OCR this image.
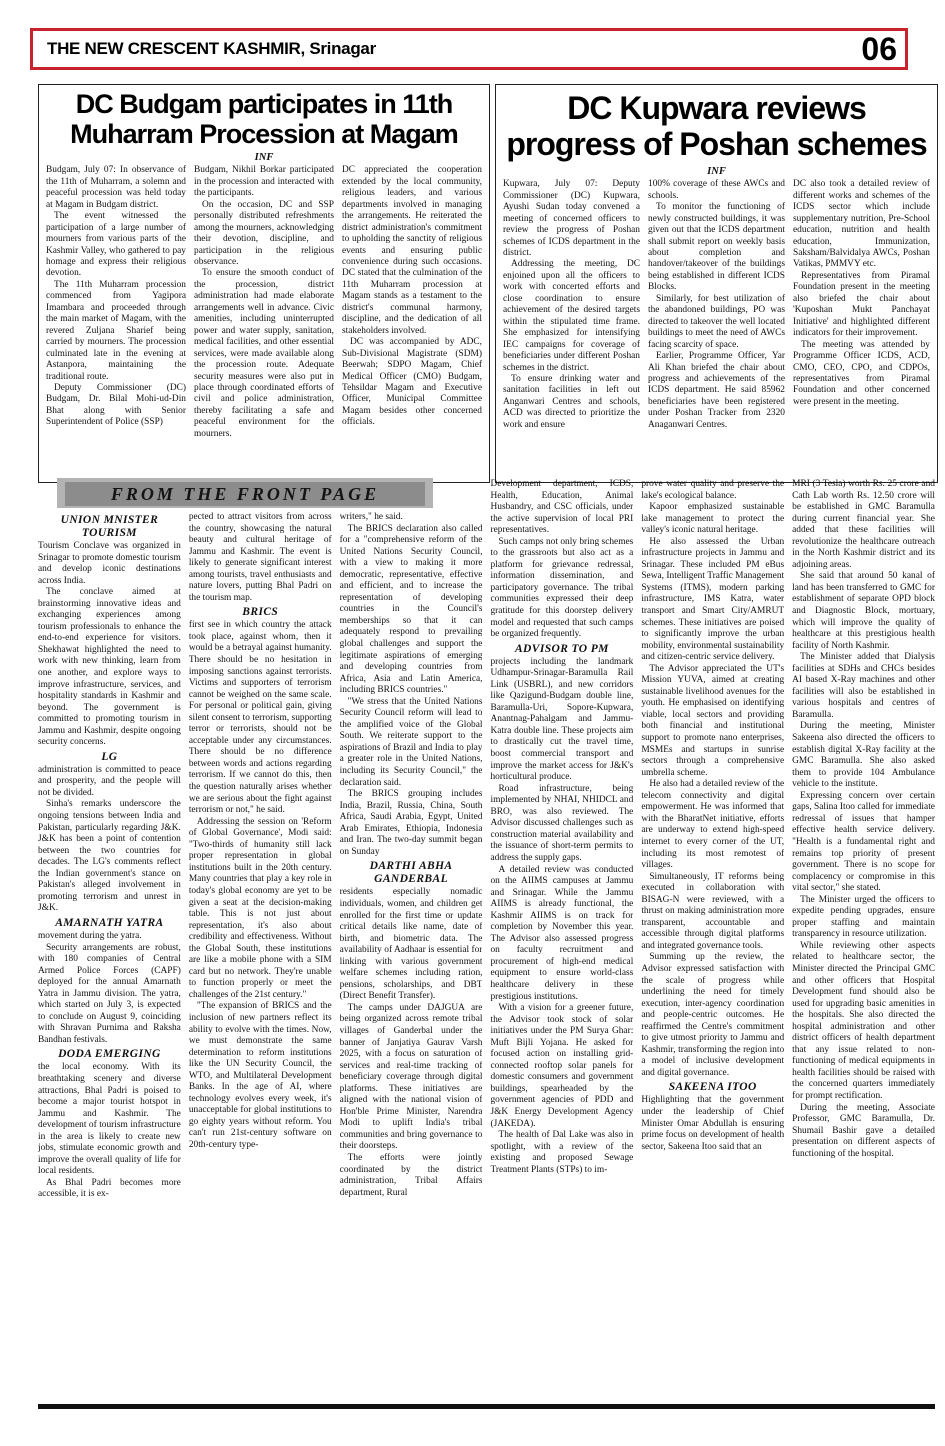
THE NEW CRESCENT KASHMIR, Srinagar	06
DC Budgam participates in 11th Muharram Procession at Magam
INF

Budgam, July 07: In observance of the 11th of Muharram, a solemn and peaceful procession was held today at Magam in Budgam district.

The event witnessed the participation of a large number of mourners from various parts of the Kashmir Valley, who gathered to pay homage and express their religious devotion.

The 11th Muharram procession commenced from Yagipora Imambara and proceeded through the main market of Magam, with the revered Zuljana Sharief being carried by mourners. The procession culminated late in the evening at Astanpora, maintaining the traditional route.

Deputy Commissioner (DC) Budgam, Dr. Bilal Mohi-ud-Din Bhat along with Senior Superintendent of Police (SSP)

Budgam, Nikhil Borkar participated in the procession and interacted with the participants.

On the occasion, DC and SSP personally distributed refreshments among the mourners, acknowledging their devotion, discipline, and participation in the religious observance.

To ensure the smooth conduct of the procession, district administration had made elaborate arrangements well in advance. Civic amenities, including uninterrupted power and water supply, sanitation, medical facilities, and other essential services, were made available along the procession route. Adequate security measures were also put in place through coordinated efforts of civil and police administration, thereby facilitating a safe and peaceful environment for the mourners.

DC appreciated the cooperation extended by the local community, religious leaders, and various departments involved in managing the arrangements. He reiterated the district administration's commitment to upholding the sanctity of religious events and ensuring public convenience during such occasions. DC stated that the culmination of the 11th Muharram procession at Magam stands as a testament to the district's communal harmony, discipline, and the dedication of all stakeholders involved.

DC was accompanied by ADC, Sub-Divisional Magistrate (SDM) Beerwah; SDPO Magam, Chief Medical Officer (CMO) Budgam, Tehsildar Magam and Executive Officer, Municipal Committee Magam besides other concerned officials.

DC Kupwara reviews progress of Poshan schemes
INF

Kupwara, July 07: Deputy Commissioner (DC) Kupwara, Ayushi Sudan today convened a meeting of concerned officers to review the progress of Poshan schemes of ICDS department in the district.

Addressing the meeting, DC enjoined upon all the officers to work with concerted efforts and close coordination to ensure achievement of the desired targets within the stipulated time frame. She emphasized for intensifying IEC campaigns for coverage of beneficiaries under different Poshan schemes in the district.

To ensure drinking water and sanitation facilities in left out Anganwari Centres and schools, ACD was directed to prioritize the work and ensure

100% coverage of these AWCs and schools.

To monitor the functioning of newly constructed buildings, it was given out that the ICDS department shall submit report on weekly basis about completion and handover/takeover of the buildings being established in different ICDS Blocks.

Similarly, for best utilization of the abandoned buildings, PO was directed to takeover the well located buildings to meet the need of AWCs facing scarcity of space.

Earlier, Programme Officer, Yar Ali Khan briefed the chair about progress and achievements of the ICDS department. He said 85962 beneficiaries have been registered under Poshan Tracker from 2320 Anaganwari Centres.

DC also took a detailed review of different works and schemes of the ICDS sector which include supplementary nutrition, Pre-School education, nutrition and health education, Immunization, Saksham/Balvidalya AWCs, Poshan Vatikas, PMMVY etc.

Representatives from Piramal Foundation present in the meeting also briefed the chair about 'Kuposhan Mukt Panchayat Initiative' and highlighted different indicators for their improvement.

The meeting was attended by Programme Officer ICDS, ACD, CMO, CEO, CPO, and CDPOs, representatives from Piramal Foundation and other concerned were present in the meeting.

FROM THE FRONT PAGE
UNION MNISTER TOURISM

Tourism Conclave was organized in Srinagar to promote domestic tourism and develop iconic destinations across India.

The conclave aimed at brainstorming innovative ideas and exchanging experiences among tourism professionals to enhance the end-to-end experience for visitors. Shekhawat highlighted the need to work with new thinking, learn from one another, and explore ways to improve infrastructure, services, and hospitality standards in Kashmir and beyond. The government is committed to promoting tourism in Jammu and Kashmir, despite ongoing security concerns.

LG

administration is committed to peace and prosperity, and the people will not be divided.

Sinha's remarks underscore the ongoing tensions between India and Pakistan, particularly regarding J&K. J&K has been a point of contention between the two countries for decades. The LG's comments reflect the Indian government's stance on Pakistan's alleged involvement in promoting terrorism and unrest in J&K.

AMARNATH YATRA

movement during the yatra.

Security arrangements are robust, with 180 companies of Central Armed Police Forces (CAPF) deployed for the annual Amarnath Yatra in Jammu division. The yatra, which started on July 3, is expected to conclude on August 9, coinciding with Shravan Purnima and Raksha Bandhan festivals.

DODA EMERGING

the local economy. With its breathtaking scenery and diverse attractions, Bhal Padri is poised to become a major tourist hotspot in Jammu and Kashmir. The development of tourism infrastructure in the area is likely to create new jobs, stimulate economic growth and improve the overall quality of life for local residents.

As Bhal Padri becomes more accessible, it is ex-

pected to attract visitors from across the country, showcasing the natural beauty and cultural heritage of Jammu and Kashmir. The event is likely to generate significant interest among tourists, travel enthusiasts and nature lovers, putting Bhal Padri on the tourism map.

BRICS

first see in which country the attack took place, against whom, then it would be a betrayal against humanity. There should be no hesitation in imposing sanctions against terrorists. Victims and supporters of terrorism cannot be weighed on the same scale. For personal or political gain, giving silent consent to terrorism, supporting terror or terrorists, should not be acceptable under any circumstances. There should be no difference between words and actions regarding terrorism. If we cannot do this, then the question naturally arises whether we are serious about the fight against terrorism or not," he said.

Addressing the session on 'Reform of Global Governance', Modi said: "Two-thirds of humanity still lack proper representation in global institutions built in the 20th century. Many countries that play a key role in today's global economy are yet to be given a seat at the decision-making table. This is not just about representation, it's also about credibility and effectiveness. Without the Global South, these institutions are like a mobile phone with a SIM card but no network. They're unable to function properly or meet the challenges of the 21st century."

"The expansion of BRICS and the inclusion of new partners reflect its ability to evolve with the times. Now, we must demonstrate the same determination to reform institutions like the UN Security Council, the WTO, and Multilateral Development Banks. In the age of AI, where technology evolves every week, it's unacceptable for global institutions to go eighty years without reform. You can't run 21st-century software on 20th-century type-

writers," he said.

The BRICS declaration also called for a "comprehensive reform of the United Nations Security Council, with a view to making it more democratic, representative, effective and efficient, and to increase the representation of developing countries in the Council's memberships so that it can adequately respond to prevailing global challenges and support the legitimate aspirations of emerging and developing countries from Africa, Asia and Latin America, including BRICS countries."

"We stress that the United Nations Security Council reform will lead to the amplified voice of the Global South. We reiterate support to the aspirations of Brazil and India to play a greater role in the United Nations, including its Security Council," the declaration said.

The BRICS grouping includes India, Brazil, Russia, China, South Africa, Saudi Arabia, Egypt, United Arab Emirates, Ethiopia, Indonesia and Iran. The two-day summit began on Sunday

DARTHI ABHA GANDERBAL

residents especially nomadic individuals, women, and children get enrolled for the first time or update critical details like name, date of birth, and biometric data. The availability of Aadhaar is essential for linking with various government welfare schemes including ration, pensions, scholarships, and DBT (Direct Benefit Transfer).

The camps under DAJGUA are being organized across remote tribal villages of Ganderbal under the banner of Janjatiya Gaurav Varsh 2025, with a focus on saturation of services and real-time tracking of beneficiary coverage through digital platforms. These initiatives are aligned with the national vision of Hon'ble Prime Minister, Narendra Modi to uplift India's tribal communities and bring governance to their doorsteps.

The efforts were jointly coordinated by the district administration, Tribal Affairs department, Rural

Development department, ICDS, Health, Education, Animal Husbandry, and CSC officials, under the active supervision of local PRI representatives.

Such camps not only bring schemes to the grassroots but also act as a platform for grievance redressal, information dissemination, and participatory governance. The tribal communities expressed their deep gratitude for this doorstep delivery model and requested that such camps be organized frequently.

ADVISOR TO PM

projects including the landmark Udhampur-Srinagar-Baramulla Rail Link (USBRL), and new corridors like Qazigund-Budgam double line, Baramulla-Uri, Sopore-Kupwara, Anantnag-Pahalgam and Jammu-Katra double line. These projects aim to drastically cut the travel time, boost commercial transport and improve the market access for J&K's horticultural produce.

Road infrastructure, being implemented by NHAI, NHIDCL and BRO, was also reviewed. The Advisor discussed challenges such as construction material availability and the issuance of short-term permits to address the supply gaps.

A detailed review was conducted on the AIIMS campuses at Jammu and Srinagar. While the Jammu AIIMS is already functional, the Kashmir AIIMS is on track for completion by November this year. The Advisor also assessed progress on faculty recruitment and procurement of high-end medical equipment to ensure world-class healthcare delivery in these prestigious institutions.

With a vision for a greener future, the Advisor took stock of solar initiatives under the PM Surya Ghar: Muft Bijli Yojana. He asked for focused action on installing grid-connected rooftop solar panels for domestic consumers and government buildings, spearheaded by the government agencies of PDD and J&K Energy Development Agency (JAKEDA).

The health of Dal Lake was also in spotlight, with a review of the existing and proposed Sewage Treatment Plants (STPs) to im-

prove water quality and preserve the lake's ecological balance.

Kapoor emphasized sustainable lake management to protect the valley's iconic natural heritage.

He also assessed the Urban infrastructure projects in Jammu and Srinagar. These included PM eBus Sewa, Intelligent Traffic Management Systems (ITMS), modern parking infrastructure, IMS Katra, water transport and Smart City/AMRUT schemes. These initiatives are poised to significantly improve the urban mobility, environmental sustainability and citizen-centric service delivery.

The Advisor appreciated the UT's Mission YUVA, aimed at creating sustainable livelihood avenues for the youth. He emphasised on identifying viable, local sectors and providing both financial and institutional support to promote nano enterprises, MSMEs and startups in sunrise sectors through a comprehensive umbrella scheme.

He also had a detailed review of the telecom connectivity and digital empowerment. He was informed that with the BharatNet initiative, efforts are underway to extend high-speed internet to every corner of the UT, including its most remotest of villages.

Simultaneously, IT reforms being executed in collaboration with BISAG-N were reviewed, with a thrust on making administration more transparent, accountable and accessible through digital platforms and integrated governance tools.

Summing up the review, the Advisor expressed satisfaction with the scale of progress while underlining the need for timely execution, inter-agency coordination and people-centric outcomes. He reaffirmed the Centre's commitment to give utmost priority to Jammu and Kashmir, transforming the region into a model of inclusive development and digital governance.

SAKEENA ITOO

Highlighting that the government under the leadership of Chief Minister Omar Abdullah is ensuring prime focus on development of health sector, Sakeena Itoo said that an

MRI (3 Tesla) worth Rs. 25 crore and Cath Lab worth Rs. 12.50 crore will be established in GMC Baramulla during current financial year. She added that these facilities will revolutionize the healthcare outreach in the North Kashmir district and its adjoining areas.

She said that around 50 kanal of land has been transferred to GMC for establishment of separate OPD block and Diagnostic Block, mortuary, which will improve the quality of healthcare at this prestigious health facility of North Kashmir.

The Minister added that Dialysis facilities at SDHs and CHCs besides AI based X-Ray machines and other facilities will also be established in various hospitals and centres of Baramulla.

During the meeting, Minister Sakeena also directed the officers to establish digital X-Ray facility at the GMC Baramulla. She also asked them to provide 104 Ambulance vehicle to the institute.

Expressing concern over certain gaps, Salina Itoo called for immediate redressal of issues that hamper effective health service delivery. "Health is a fundamental right and remains top priority of present government. There is no scope for complacency or compromise in this vital sector," she stated.

The Minister urged the officers to expedite pending upgrades, ensure proper staffing and maintain transparency in resource utilization.

While reviewing other aspects related to healthcare sector, the Minister directed the Principal GMC and other officers that Hospital Development fund should also be used for upgrading basic amenities in the hospitals. She also directed the hospital administration and other district officers of health department that any issue related to non-functioning of medical equipments in health facilities should be raised with the concerned quarters immediately for prompt rectification.

During the meeting, Associate Professor, GMC Baramulla, Dr. Shumail Bashir gave a detailed presentation on different aspects of functioning of the hospital.
